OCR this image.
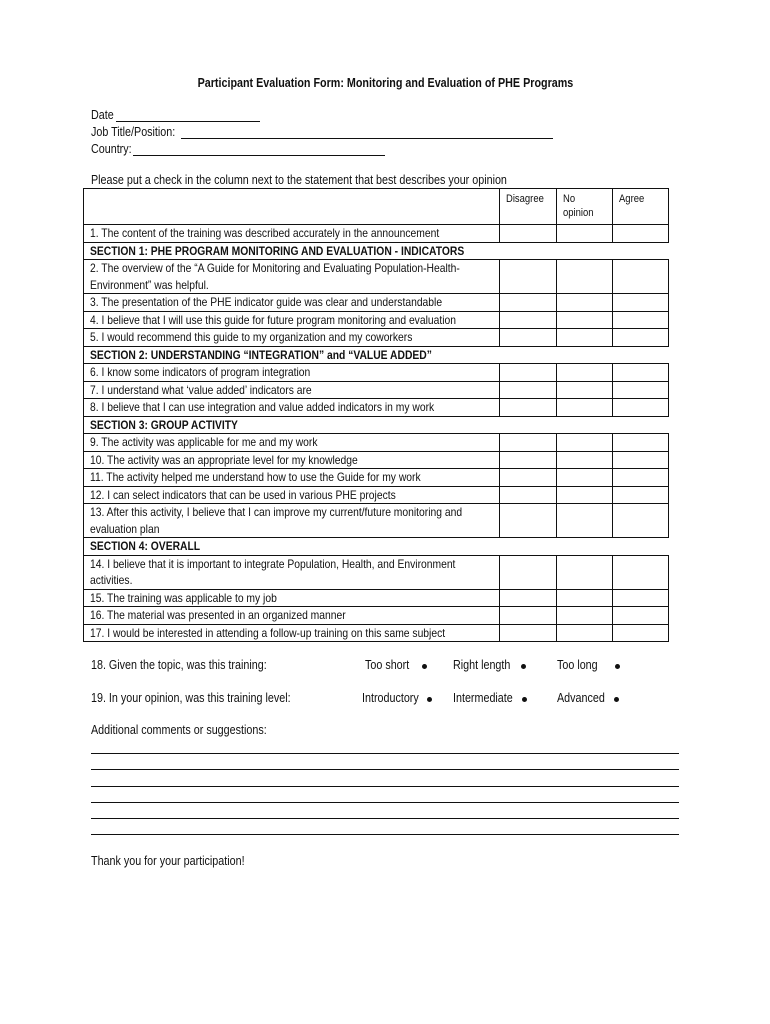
Participant Evaluation Form: Monitoring and Evaluation of PHE Programs
Date
Job Title/Position:
Country:
Please put a check in the column next to the statement that best describes your opinion
	Disagree	No opinion	Agree
1. The content of the training was described accurately in the announcement			
SECTION 1: PHE PROGRAM MONITORING AND EVALUATION - INDICATORS			
2. The overview of the “A Guide for Monitoring and Evaluating Population-Health-Environment” was helpful.			
3. The presentation of the PHE indicator guide was clear and understandable			
4. I believe that I will use this guide for future program monitoring and evaluation			
5. I would recommend this guide to my organization and my coworkers			
SECTION 2: UNDERSTANDING “INTEGRATION” and “VALUE ADDED”			
6. I know some indicators of program integration			
7. I understand what ‘value added’ indicators are			
8. I believe that I can use integration and value added indicators in my work			
SECTION 3: GROUP ACTIVITY			
9. The activity was applicable for me and my work			
10. The activity was an appropriate level for my knowledge			
11. The activity helped me understand how to use the Guide for my work			
12. I can select indicators that can be used in various PHE projects			
13. After this activity, I believe that I can improve my current/future monitoring and evaluation plan			
SECTION 4: OVERALL			
14. I believe that it is important to integrate Population, Health, and Environment activities.			
15. The training was applicable to my job			
16. The material was presented in an organized manner			
17. I would be interested in attending a follow-up training on this same subject			
18. Given the topic, was this training:	Too short	Right length	Too long
19. In your opinion, was this training level:	Introductory	Intermediate	Advanced
Additional comments or suggestions:
Thank you for your participation!
